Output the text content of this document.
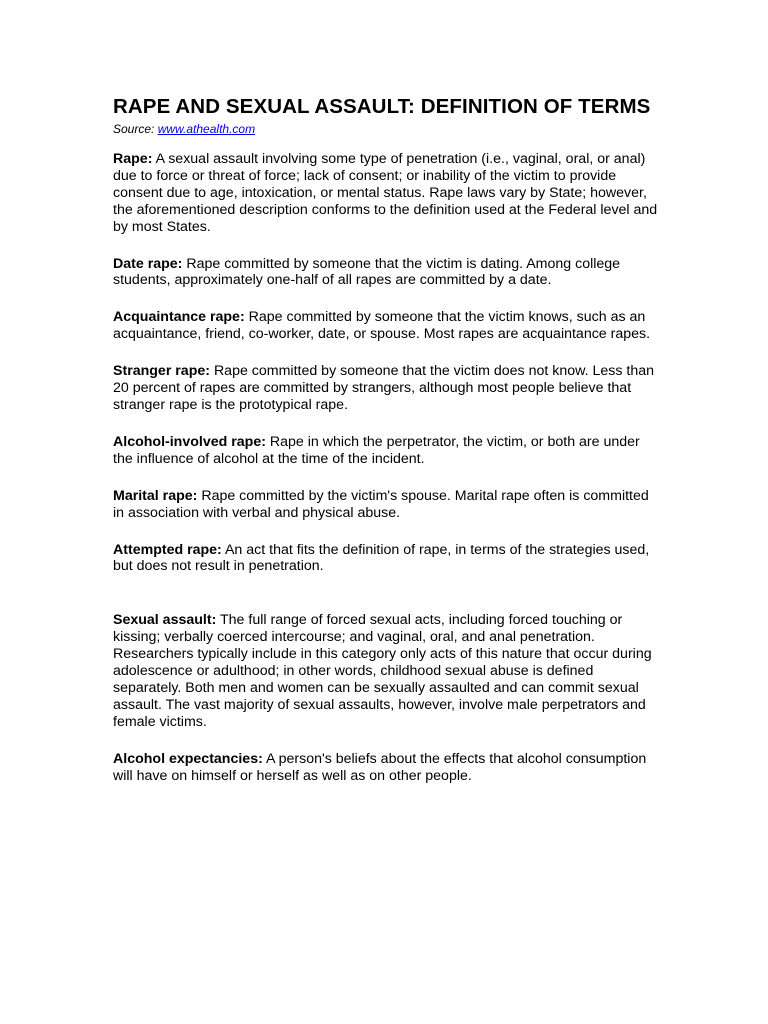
RAPE AND SEXUAL ASSAULT: DEFINITION OF TERMS

Source: www.athealth.com

Rape: A sexual assault involving some type of penetration (i.e., vaginal, oral, or anal) due to force or threat of force; lack of consent; or inability of the victim to provide consent due to age, intoxication, or mental status. Rape laws vary by State; however, the aforementioned description conforms to the definition used at the Federal level and by most States.

Date rape: Rape committed by someone that the victim is dating. Among college students, approximately one-half of all rapes are committed by a date.

Acquaintance rape: Rape committed by someone that the victim knows, such as an acquaintance, friend, co-worker, date, or spouse. Most rapes are acquaintance rapes.

Stranger rape: Rape committed by someone that the victim does not know. Less than 20 percent of rapes are committed by strangers, although most people believe that stranger rape is the prototypical rape.

Alcohol-involved rape: Rape in which the perpetrator, the victim, or both are under the influence of alcohol at the time of the incident.

Marital rape: Rape committed by the victim's spouse. Marital rape often is committed in association with verbal and physical abuse.

Attempted rape: An act that fits the definition of rape, in terms of the strategies used, but does not result in penetration.

Sexual assault: The full range of forced sexual acts, including forced touching or kissing; verbally coerced intercourse; and vaginal, oral, and anal penetration. Researchers typically include in this category only acts of this nature that occur during adolescence or adulthood; in other words, childhood sexual abuse is defined separately. Both men and women can be sexually assaulted and can commit sexual assault. The vast majority of sexual assaults, however, involve male perpetrators and female victims.

Alcohol expectancies: A person's beliefs about the effects that alcohol consumption will have on himself or herself as well as on other people.
